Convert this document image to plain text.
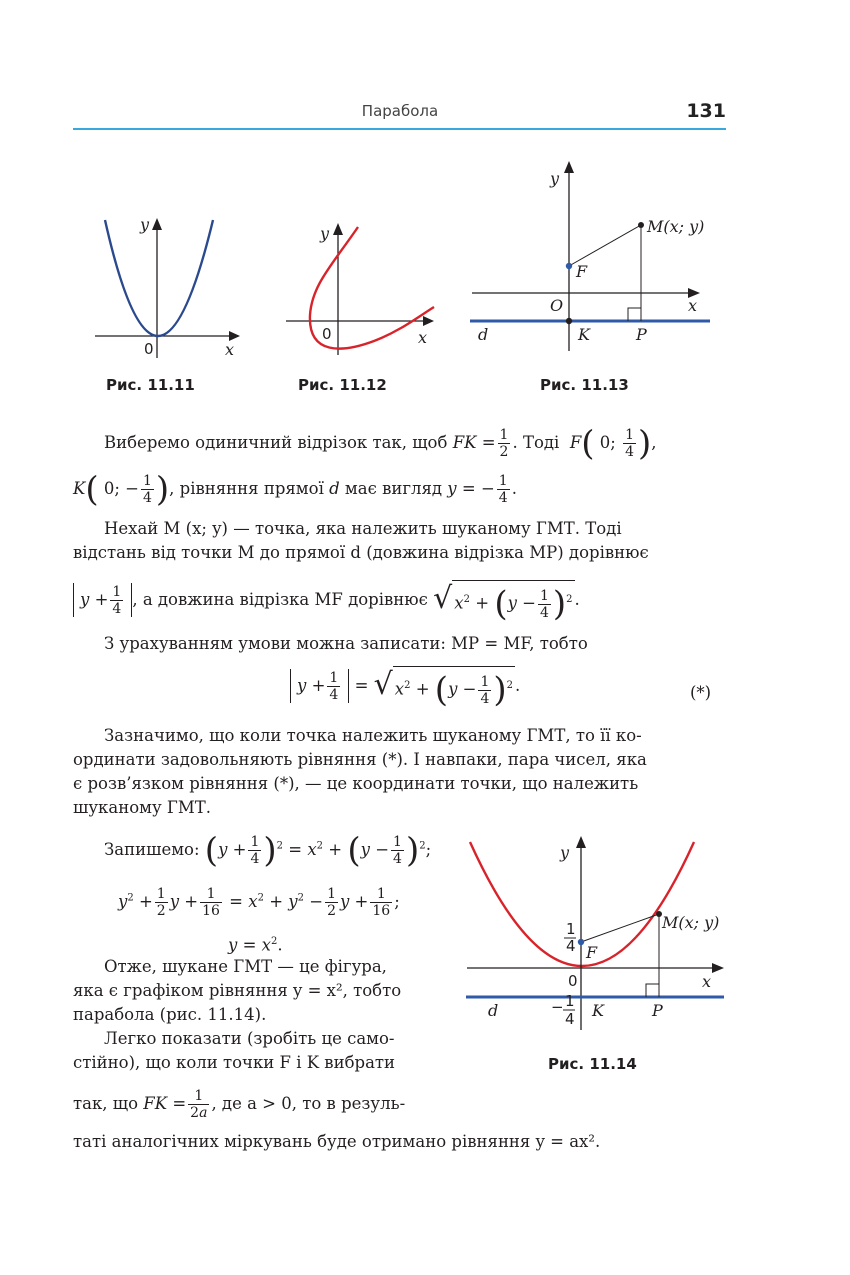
Парабола	131
y
x
0
Рис. 11.11
y
x
0
Рис. 11.12
y
x
O
M(x; y)
F
K	P
d
Рис. 11.13
Виберемо одиничний відрізок так, щоб FK = $\frac{1}{2}$ . Тоді  F( 0; $\frac{1}{4}$ ),
K( 0; − $\frac{1}{4}$ ), рівняння прямої d має вигляд y = − $\frac{1}{4}$ .
Нехай M (x; y) — точка, яка належить шуканому ГМТ. Тоді
відстань від точки M до прямої d (довжина відрізка MP) дорівнює
$y + \frac{1}{4}$ , а довжина відрізка MF дорівнює √ $x^2 + (y - \frac{1}{4} )^2$ .
З урахуванням умови можна записати: MP = MF, тобто
$y + \frac{1}{4}$ = √ $x^2 + (y - \frac{1}{4} )^2$ .	(*)
Зазначимо, що коли точка належить шуканому ГМТ, то її ко-
ординати задовольняють рівняння (*). І навпаки, пара чисел, яка
є розв’язком рівняння (*), — це координати точки, що належить
шуканому ГМТ.
Запишемо: $(y + \frac{1}{4} )^2 = x^2 + (y - \frac{1}{4} )^2$;
$y^2 + \frac{1}{2}$ $y + \frac{1}{16} = x^2 + y^2 - \frac{1}{2}$ $y + \frac{1}{16}$ ;
$y = x^2$.
Отже, шукане ГМТ — це фігура,
яка є графіком рівняння y = x², тобто
парабола (рис. 11.14).
Легко показати (зробіть це само-
стійно), що коли точки F і K вибрати
так, що FK = $\frac{1}{2a}$ , де a > 0, то в резуль-
таті аналогічних міркувань буде отримано рівняння y = ax².
y
x
0
M(x; y)
F
K	P
d
1
4
− 1
4
Рис. 11.14
